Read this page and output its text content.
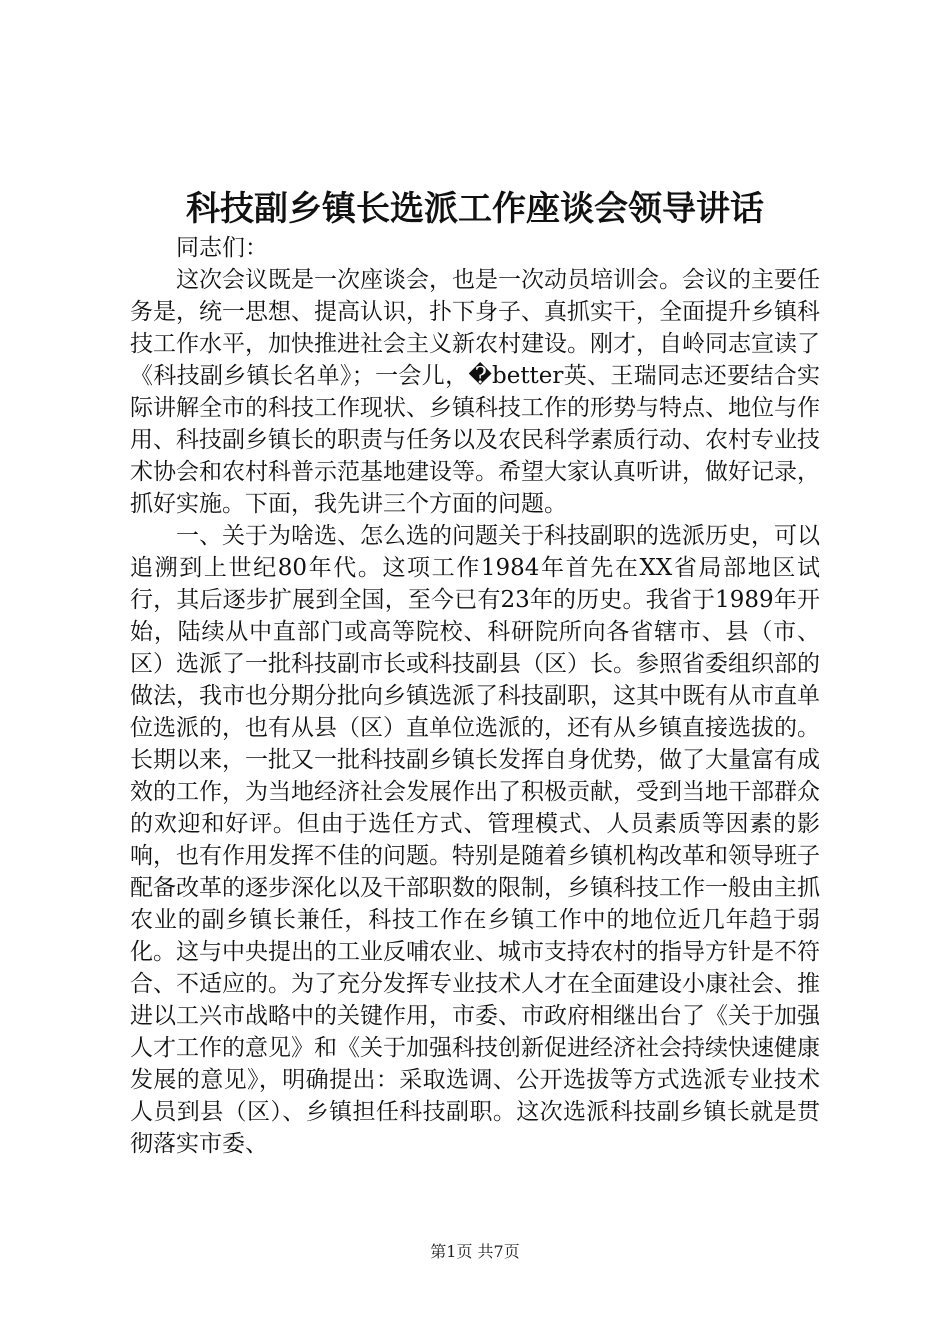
科技副乡镇长选派工作座谈会领导讲话

同志们：

这次会议既是一次座谈会，也是一次动员培训会。会议的主要任务是，统一思想、提高认识，扑下身子、真抓实干，全面提升乡镇科技工作水平，加快推进社会主义新农村建设。刚才，自岭同志宣读了《科技副乡镇长名单》；一会儿，�better英、王瑞同志还要结合实际讲解全市的科技工作现状、乡镇科技工作的形势与特点、地位与作用、科技副乡镇长的职责与任务以及农民科学素质行动、农村专业技术协会和农村科普示范基地建设等。希望大家认真听讲，做好记录，抓好实施。下面，我先讲三个方面的问题。

一、关于为啥选、怎么选的问题关于科技副职的选派历史，可以追溯到上世纪80年代。这项工作1984年首先在XX省局部地区试行，其后逐步扩展到全国，至今已有23年的历史。我省于1989年开始，陆续从中直部门或高等院校、科研院所向各省辖市、县（市、区）选派了一批科技副市长或科技副县（区）长。参照省委组织部的做法，我市也分期分批向乡镇选派了科技副职，这其中既有从市直单位选派的，也有从县（区）直单位选派的，还有从乡镇直接选拔的。长期以来，一批又一批科技副乡镇长发挥自身优势，做了大量富有成效的工作，为当地经济社会发展作出了积极贡献，受到当地干部群众的欢迎和好评。但由于选任方式、管理模式、人员素质等因素的影响，也有作用发挥不佳的问题。特别是随着乡镇机构改革和领导班子配备改革的逐步深化以及干部职数的限制，乡镇科技工作一般由主抓农业的副乡镇长兼任，科技工作在乡镇工作中的地位近几年趋于弱化。这与中央提出的工业反哺农业、城市支持农村的指导方针是不符合、不适应的。为了充分发挥专业技术人才在全面建设小康社会、推进以工兴市战略中的关键作用，市委、市政府相继出台了《关于加强人才工作的意见》和《关于加强科技创新促进经济社会持续快速健康发展的意见》，明确提出：采取选调、公开选拔等方式选派专业技术人员到县（区）、乡镇担任科技副职。这次选派科技副乡镇长就是贯彻落实市委、

第1页 共7页
